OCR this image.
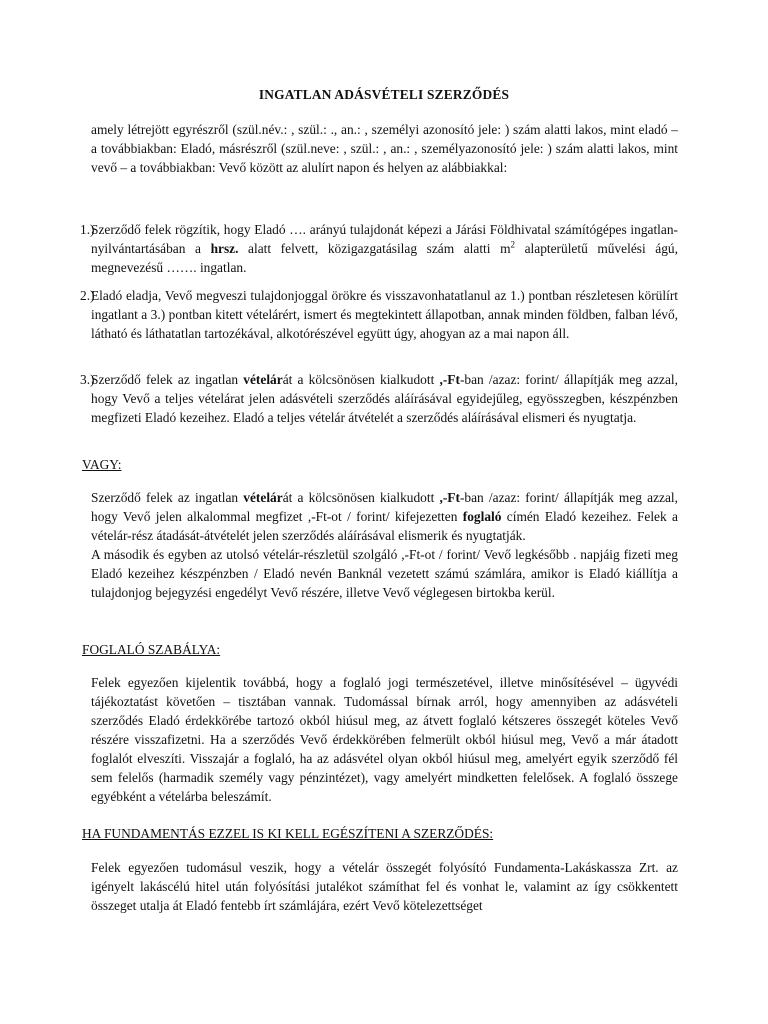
INGATLAN ADÁSVÉTELI SZERZŐDÉS

amely létrejött egyrészről (szül.név.: , szül.: ., an.: , személyi azonosító jele: ) szám alatti lakos, mint eladó – a továbbiakban: Eladó, másrészről (szül.neve: , szül.: , an.: , személyazonosító jele: ) szám alatti lakos, mint vevő – a továbbiakban: Vevő között az alulírt napon és helyen az alábbiakkal:

1.)

Szerződő felek rögzítik, hogy Eladó …. arányú tulajdonát képezi a Járási Földhivatal számítógépes ingatlan-nyilvántartásában a hrsz. alatt felvett, közigazgatásilag szám alatti $m^2$ alapterületű művelési ágú, megnevezésű ……. ingatlan.

2.)

Eladó eladja, Vevő megveszi tulajdonjoggal örökre és visszavonhatatlanul az 1.) pontban részletesen körülírt ingatlant a 3.) pontban kitett vételárért, ismert és megtekintett állapotban, annak minden földben, falban lévő, látható és láthatatlan tartozékával, alkotórészével együtt úgy, ahogyan az a mai napon áll.

3.)

Szerződő felek az ingatlan vételárát a kölcsönösen kialkudott ,-Ft-ban /azaz: forint/ állapítják meg azzal, hogy Vevő a teljes vételárat jelen adásvételi szerződés aláírásával egyidejűleg, egyösszegben, készpénzben megfizeti Eladó kezeihez. Eladó a teljes vételár átvételét a szerződés aláírásával elismeri és nyugtatja.

VAGY:

Szerződő felek az ingatlan vételárát a kölcsönösen kialkudott ,-Ft-ban /azaz: forint/ állapítják meg azzal, hogy Vevő jelen alkalommal megfizet ,-Ft-ot / forint/ kifejezetten foglaló címén Eladó kezeihez. Felek a vételár-rész átadását-átvételét jelen szerződés aláírásával elismerik és nyugtatják.

A második és egyben az utolsó vételár-részletül szolgáló ,-Ft-ot / forint/ Vevő legkésőbb . napjáig fizeti meg Eladó kezeihez készpénzben / Eladó nevén Banknál vezetett számú számlára, amikor is Eladó kiállítja a tulajdonjog bejegyzési engedélyt Vevő részére, illetve Vevő véglegesen birtokba kerül.

FOGLALÓ SZABÁLYA:

Felek egyezően kijelentik továbbá, hogy a foglaló jogi természetével, illetve minősítésével – ügyvédi tájékoztatást követően – tisztában vannak. Tudomással bírnak arról, hogy amennyiben az adásvételi szerződés Eladó érdekkörébe tartozó okból hiúsul meg, az átvett foglaló kétszeres összegét köteles Vevő részére visszafizetni. Ha a szerződés Vevő érdekkörében felmerült okból hiúsul meg, Vevő a már átadott foglalót elveszíti. Visszajár a foglaló, ha az adásvétel olyan okból hiúsul meg, amelyért egyik szerződő fél sem felelős (harmadik személy vagy pénzintézet), vagy amelyért mindketten felelősek. A foglaló összege egyébként a vételárba beleszámít.

HA FUNDAMENTÁS EZZEL IS KI KELL EGÉSZÍTENI A SZERZŐDÉS:

Felek egyezően tudomásul veszik, hogy a vételár összegét folyósító Fundamenta-Lakáskassza Zrt. az igényelt lakáscélú hitel után folyósítási jutalékot számíthat fel és vonhat le, valamint az így csökkentett összeget utalja át Eladó fentebb írt számlájára, ezért Vevő kötelezettséget
